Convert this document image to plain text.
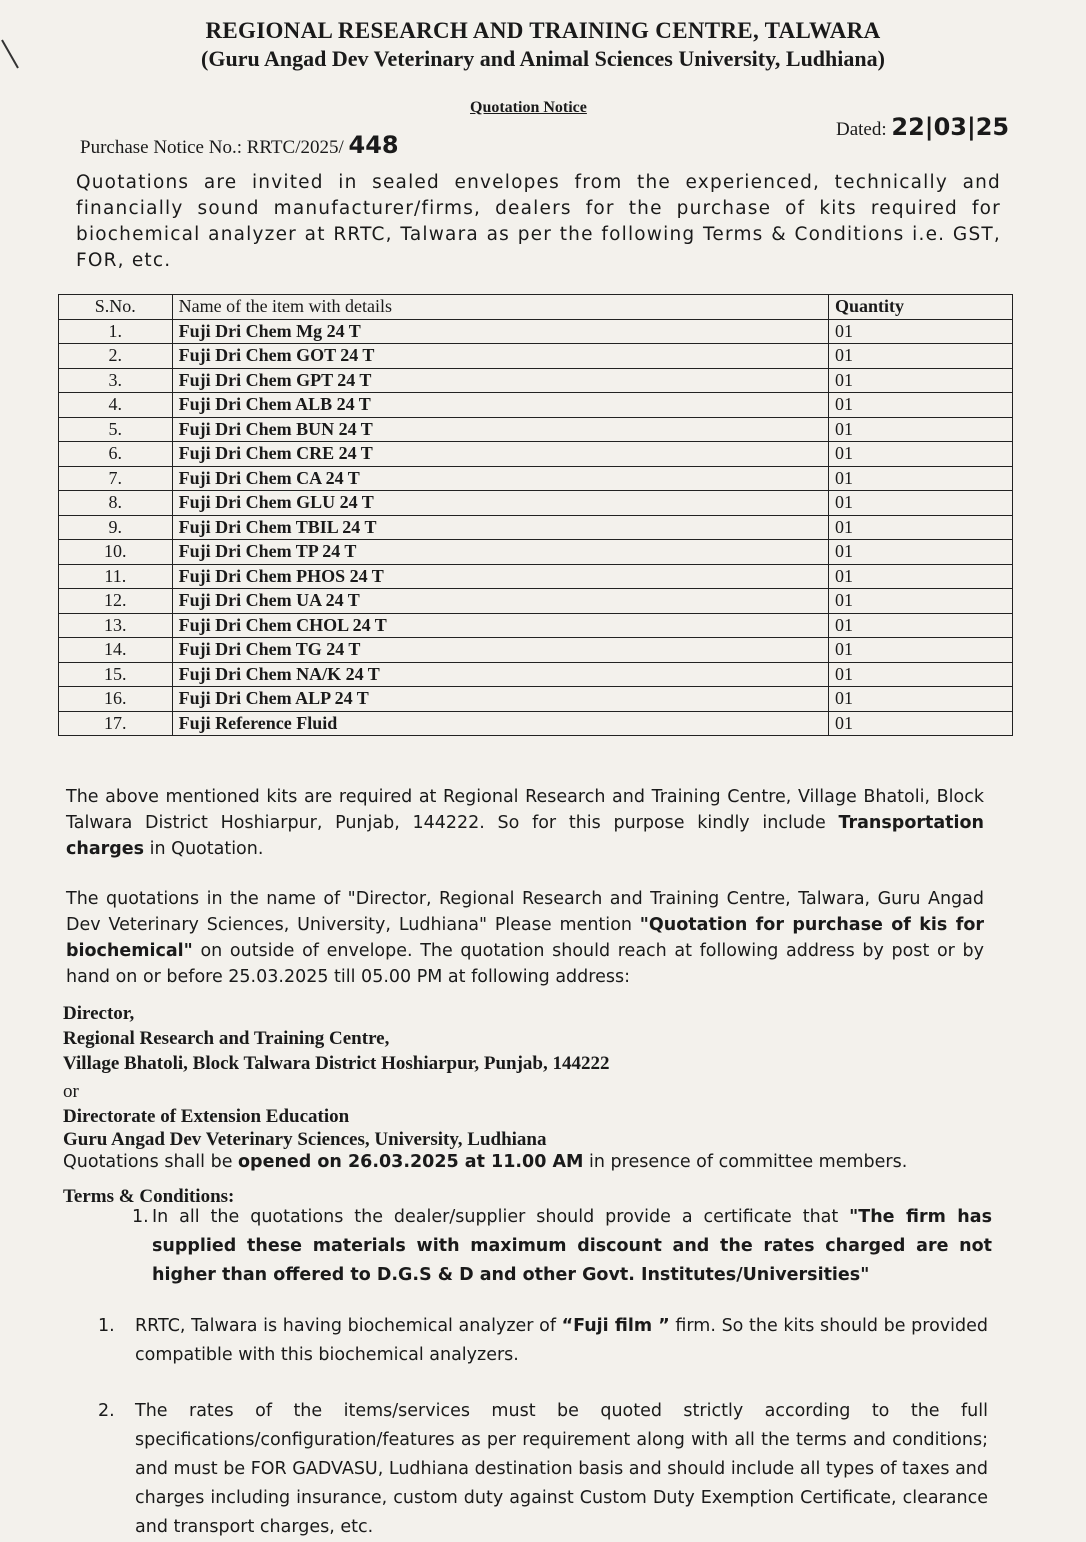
REGIONAL RESEARCH AND TRAINING CENTRE, TALWARA
(Guru Angad Dev Veterinary and Animal Sciences University, Ludhiana)
Quotation Notice
Purchase Notice No.: RRTC/2025/ 448
Dated: 22|03|25
Quotations are invited in sealed envelopes from the experienced, technically and financially sound manufacturer/firms, dealers for the purchase of kits required for biochemical analyzer at RRTC, Talwara as per the following Terms & Conditions i.e. GST, FOR, etc.
S.No.	Name of the item with details	Quantity
1.	Fuji Dri Chem Mg 24 T	01
2.	Fuji Dri Chem GOT 24 T	01
3.	Fuji Dri Chem GPT 24 T	01
4.	Fuji Dri Chem ALB 24 T	01
5.	Fuji Dri Chem BUN 24 T	01
6.	Fuji Dri Chem CRE 24 T	01
7.	Fuji Dri Chem CA 24 T	01
8.	Fuji Dri Chem GLU 24 T	01
9.	Fuji Dri Chem TBIL 24 T	01
10.	Fuji Dri Chem TP 24 T	01
11.	Fuji Dri Chem PHOS 24 T	01
12.	Fuji Dri Chem UA 24 T	01
13.	Fuji Dri Chem CHOL 24 T	01
14.	Fuji Dri Chem TG 24 T	01
15.	Fuji Dri Chem NA/K 24 T	01
16.	Fuji Dri Chem ALP 24 T	01
17.	Fuji Reference Fluid	01
The above mentioned kits are required at Regional Research and Training Centre, Village Bhatoli, Block Talwara District Hoshiarpur, Punjab, 144222. So for this purpose kindly include Transportation charges in Quotation.
The quotations in the name of "Director, Regional Research and Training Centre, Talwara, Guru Angad Dev Veterinary Sciences, University, Ludhiana" Please mention "Quotation for purchase of kis for biochemical" on outside of envelope. The quotation should reach at following address by post or by hand on or before 25.03.2025 till 05.00 PM at following address:
Director,
Regional Research and Training Centre,
Village Bhatoli, Block Talwara District Hoshiarpur, Punjab, 144222
or
Directorate of Extension Education
Guru Angad Dev Veterinary Sciences, University, Ludhiana
Quotations shall be opened on 26.03.2025 at 11.00 AM in presence of committee members.
Terms & Conditions:
1. In all the quotations the dealer/supplier should provide a certificate that "The firm has supplied these materials with maximum discount and the rates charged are not higher than offered to D.G.S & D and other Govt. Institutes/Universities"
1.	RRTC, Talwara is having biochemical analyzer of “Fuji film ” firm. So the kits should be provided compatible with this biochemical analyzers.
2.	The rates of the items/services must be quoted strictly according to the full specifications/configuration/features as per requirement along with all the terms and conditions; and must be FOR GADVASU, Ludhiana destination basis and should include all types of taxes and charges including insurance, custom duty against Custom Duty Exemption Certificate, clearance and transport charges, etc.
